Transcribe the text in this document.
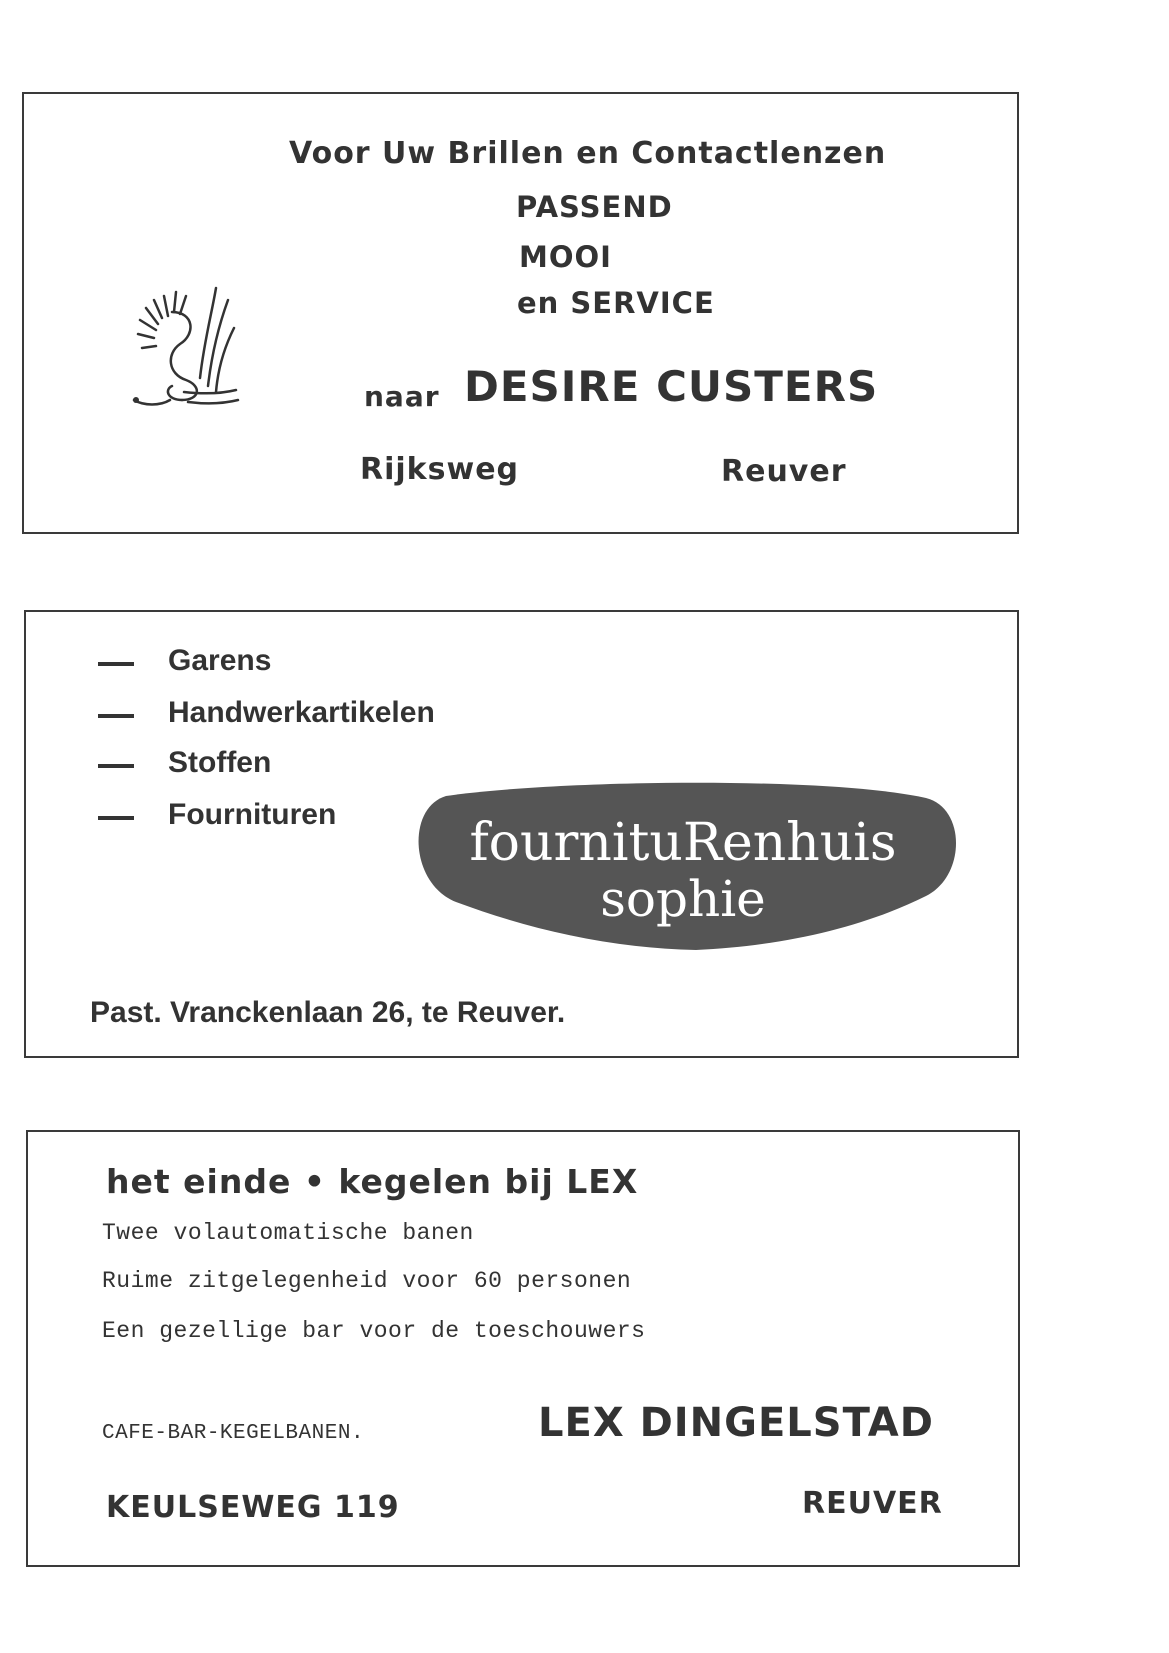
Voor Uw Brillen en Contactlenzen
PASSEND
MOOI
en SERVICE
naar DESIRE CUSTERS
Rijksweg	Reuver
Garens
Handwerkartikelen
Stoffen
Fournituren	fournituRenhuis
sophie
Past. Vranckenlaan 26, te Reuver.
het einde • kegelen bij LEX
Twee volautomatische banen
Ruime zitgelegenheid voor 60 personen
Een gezellige bar voor de toeschouwers
CAFE-BAR-KEGELBANEN.	LEX DINGELSTAD
KEULSEWEG 119	REUVER
